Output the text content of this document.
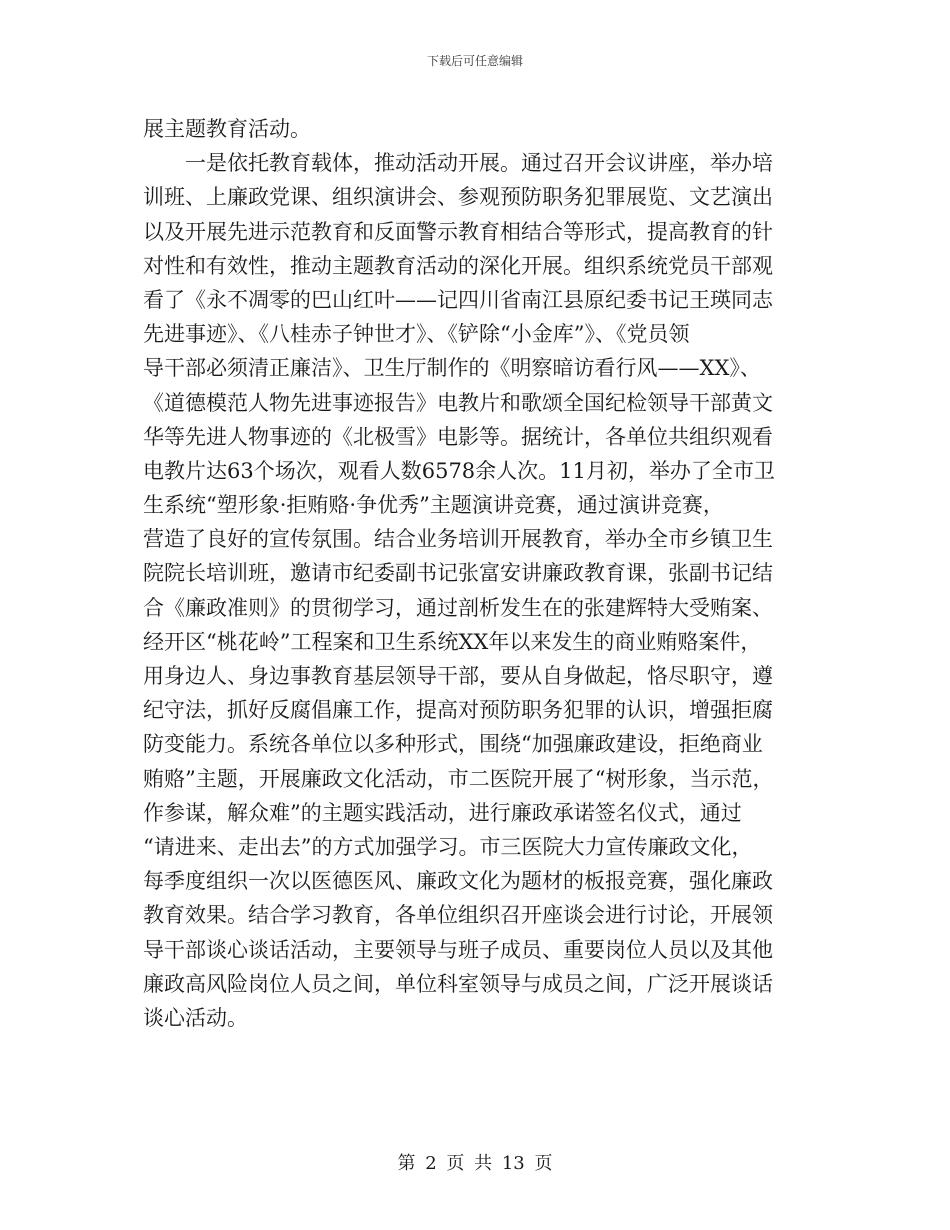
下载后可任意编辑
展主题教育活动。
一是依托教育载体，推动活动开展。通过召开会议讲座，举办培
训班、上廉政党课、组织演讲会、参观预防职务犯罪展览、文艺演出
以及开展先进示范教育和反面警示教育相结合等形式，提高教育的针
对性和有效性，推动主题教育活动的深化开展。组织系统党员干部观
看了《永不凋零的巴山红叶——记四川省南江县原纪委书记王瑛同志
先进事迹》、《八桂赤子钟世才》、《铲除“小金库”》、《党员领
导干部必须清正廉洁》、卫生厅制作的《明察暗访看行风——XX》、
《道德模范人物先进事迹报告》电教片和歌颂全国纪检领导干部黄文
华等先进人物事迹的《北极雪》电影等。据统计，各单位共组织观看
电教片达63个场次，观看人数6578余人次。11月初，举办了全市卫
生系统“塑形象·拒贿赂·争优秀”主题演讲竞赛，通过演讲竞赛，
营造了良好的宣传氛围。结合业务培训开展教育，举办全市乡镇卫生
院院长培训班，邀请市纪委副书记张富安讲廉政教育课，张副书记结
合《廉政准则》的贯彻学习，通过剖析发生在的张建辉特大受贿案、
经开区“桃花岭”工程案和卫生系统XX年以来发生的商业贿赂案件，
用身边人、身边事教育基层领导干部，要从自身做起，恪尽职守，遵
纪守法，抓好反腐倡廉工作，提高对预防职务犯罪的认识，增强拒腐
防变能力。系统各单位以多种形式，围绕“加强廉政建设，拒绝商业
贿赂”主题，开展廉政文化活动，市二医院开展了“树形象，当示范，
作参谋，解众难”的主题实践活动，进行廉政承诺签名仪式，通过
“请进来、走出去”的方式加强学习。市三医院大力宣传廉政文化，
每季度组织一次以医德医风、廉政文化为题材的板报竞赛，强化廉政
教育效果。结合学习教育，各单位组织召开座谈会进行讨论，开展领
导干部谈心谈话活动，主要领导与班子成员、重要岗位人员以及其他
廉政高风险岗位人员之间，单位科室领导与成员之间，广泛开展谈话
谈心活动。
第 2 页 共 13 页
